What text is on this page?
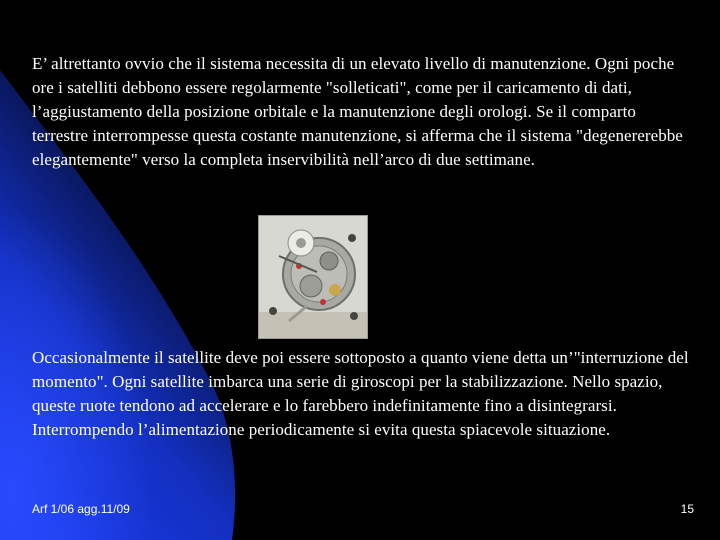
E’ altrettanto ovvio che il sistema necessita di un elevato livello di manutenzione. Ogni poche ore i satelliti debbono essere regolarmente "solleticati", come per il caricamento di dati, l’aggiustamento della posizione orbitale e la manutenzione degli orologi. Se il comparto terrestre interrompesse questa costante manutenzione, si afferma che il sistema "degenererebbe elegantemente" verso la completa inservibilità nell’arco di due settimane.

Occasionalmente il satellite deve poi essere sottoposto a quanto viene detta un’"interruzione del momento". Ogni satellite imbarca una serie di giroscopi per la stabilizzazione. Nello spazio, queste ruote tendono ad accelerare e lo farebbero indefinitamente fino a disintegrarsi. Interrompendo l’alimentazione periodicamente si evita questa spiacevole situazione.

Arf 1/06 agg.11/09	15
